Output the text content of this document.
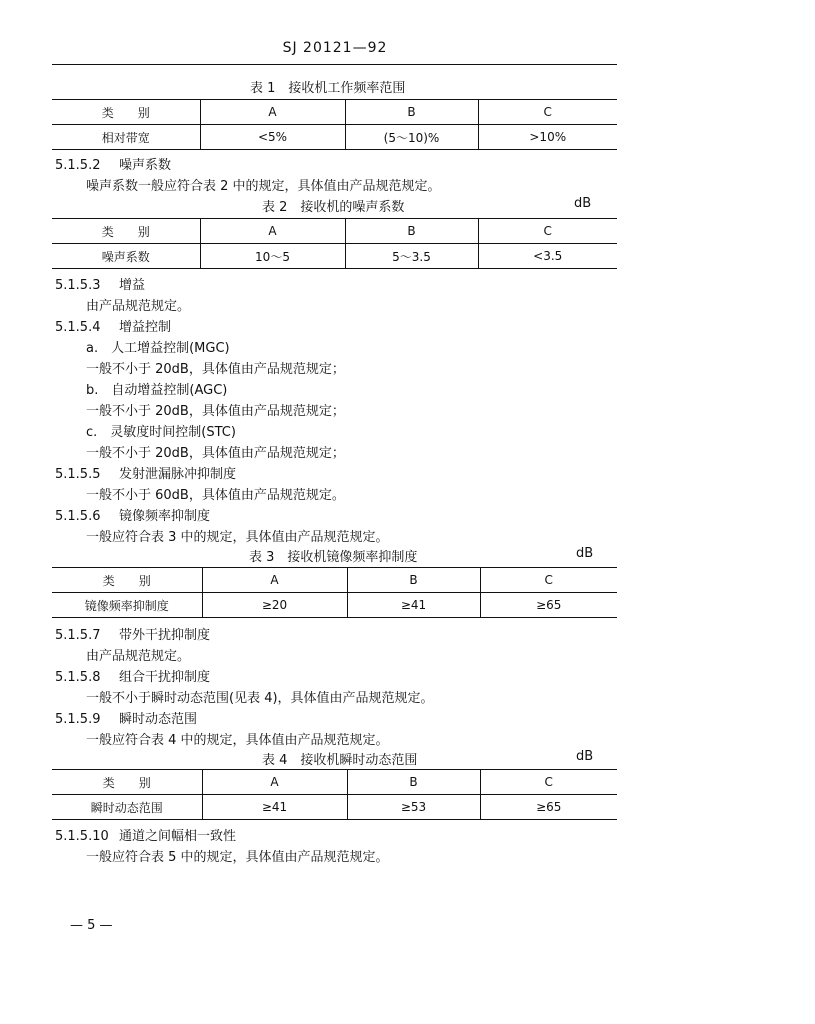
SJ 20121—92
表 1　接收机工作频率范围
类　　别	A	B	C
相对带宽	<5%	(5～10)%	>10%
5.1.5.2 噪声系数
噪声系数一般应符合表 2 中的规定，具体值由产品规范规定。
表 2　接收机的噪声系数	dB
类　　别	A	B	C
噪声系数	10～5	5～3.5	<3.5
5.1.5.3 增益
由产品规范规定。
5.1.5.4 增益控制
a.　人工增益控制(MGC)
一般不小于 20dB，具体值由产品规范规定；
b.　自动增益控制(AGC)
一般不小于 20dB，具体值由产品规范规定；
c.　灵敏度时间控制(STC)
一般不小于 20dB，具体值由产品规范规定；
5.1.5.5 发射泄漏脉冲抑制度
一般不小于 60dB，具体值由产品规范规定。
5.1.5.6 镜像频率抑制度
一般应符合表 3 中的规定，具体值由产品规范规定。
表 3　接收机镜像频率抑制度	dB
类　　别	A	B	C
镜像频率抑制度	≥20	≥41	≥65
5.1.5.7 带外干扰抑制度
由产品规范规定。
5.1.5.8 组合干扰抑制度
一般不小于瞬时动态范围(见表 4)，具体值由产品规范规定。
5.1.5.9 瞬时动态范围
一般应符合表 4 中的规定，具体值由产品规范规定。
表 4　接收机瞬时动态范围	dB
类　　别	A	B	C
瞬时动态范围	≥41	≥53	≥65
5.1.5.10 通道之间幅相一致性
一般应符合表 5 中的规定，具体值由产品规范规定。
— 5 —
